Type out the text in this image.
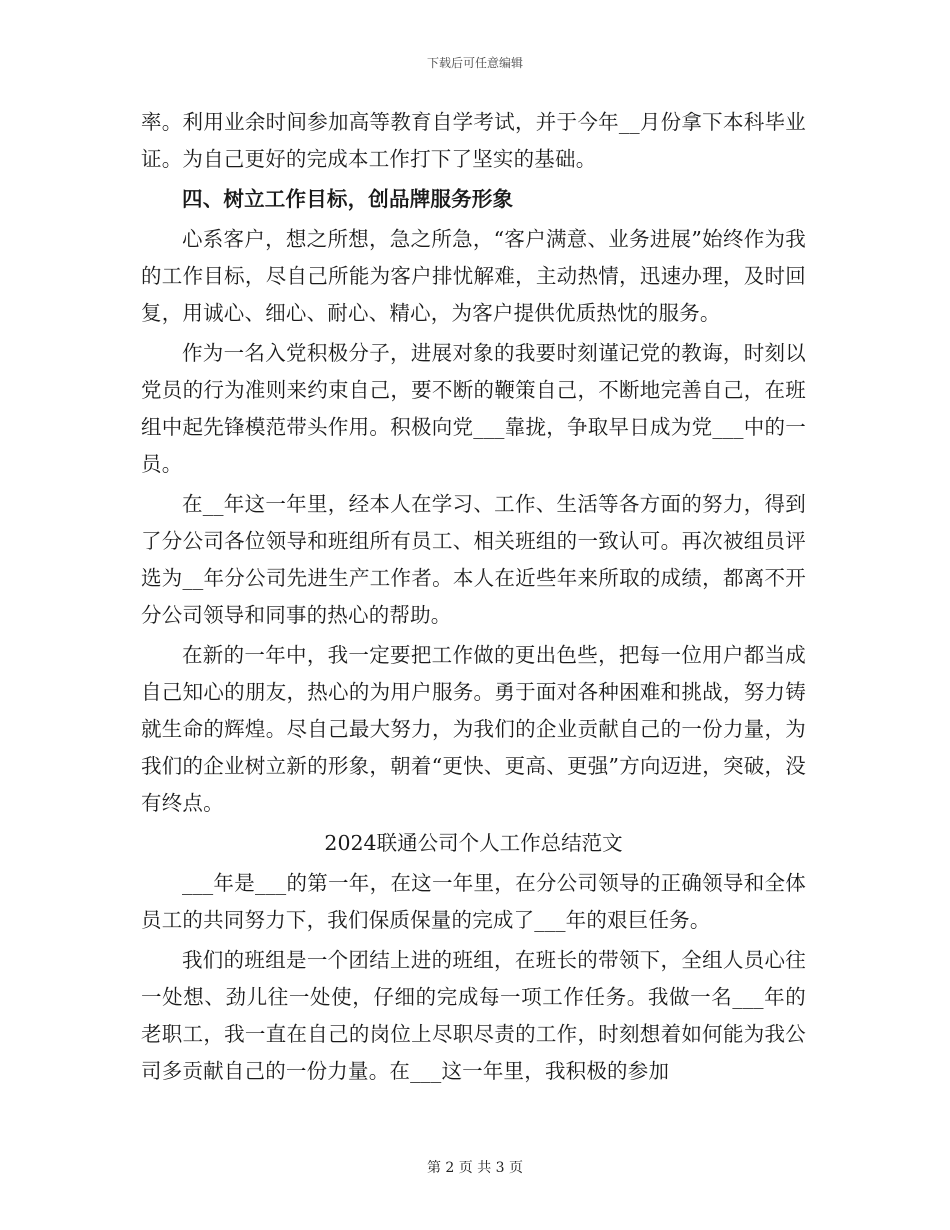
下载后可任意编辑

率。利用业余时间参加高等教育自学考试，并于今年__月份拿下本科毕业证。为自己更好的完成本工作打下了坚实的基础。

四、树立工作目标，创品牌服务形象

心系客户，想之所想，急之所急，“客户满意、业务进展”始终作为我的工作目标，尽自己所能为客户排忧解难，主动热情，迅速办理，及时回复，用诚心、细心、耐心、精心，为客户提供优质热忱的服务。

作为一名入党积极分子，进展对象的我要时刻谨记党的教诲，时刻以党员的行为准则来约束自己，要不断的鞭策自己，不断地完善自己，在班组中起先锋模范带头作用。积极向党___靠拢，争取早日成为党___中的一员。

在__年这一年里，经本人在学习、工作、生活等各方面的努力，得到了分公司各位领导和班组所有员工、相关班组的一致认可。再次被组员评选为__年分公司先进生产工作者。本人在近些年来所取的成绩，都离不开分公司领导和同事的热心的帮助。

在新的一年中，我一定要把工作做的更出色些，把每一位用户都当成自己知心的朋友，热心的为用户服务。勇于面对各种困难和挑战，努力铸就生命的辉煌。尽自己最大努力，为我们的企业贡献自己的一份力量，为我们的企业树立新的形象，朝着“更快、更高、更强”方向迈进，突破，没有终点。

2024联通公司个人工作总结范文

___年是___的第一年，在这一年里，在分公司领导的正确领导和全体员工的共同努力下，我们保质保量的完成了___年的艰巨任务。

我们的班组是一个团结上进的班组，在班长的带领下，全组人员心往一处想、劲儿往一处使，仔细的完成每一项工作任务。我做一名___年的老职工，我一直在自己的岗位上尽职尽责的工作，时刻想着如何能为我公司多贡献自己的一份力量。在___这一年里，我积极的参加

第 2 页 共 3 页
